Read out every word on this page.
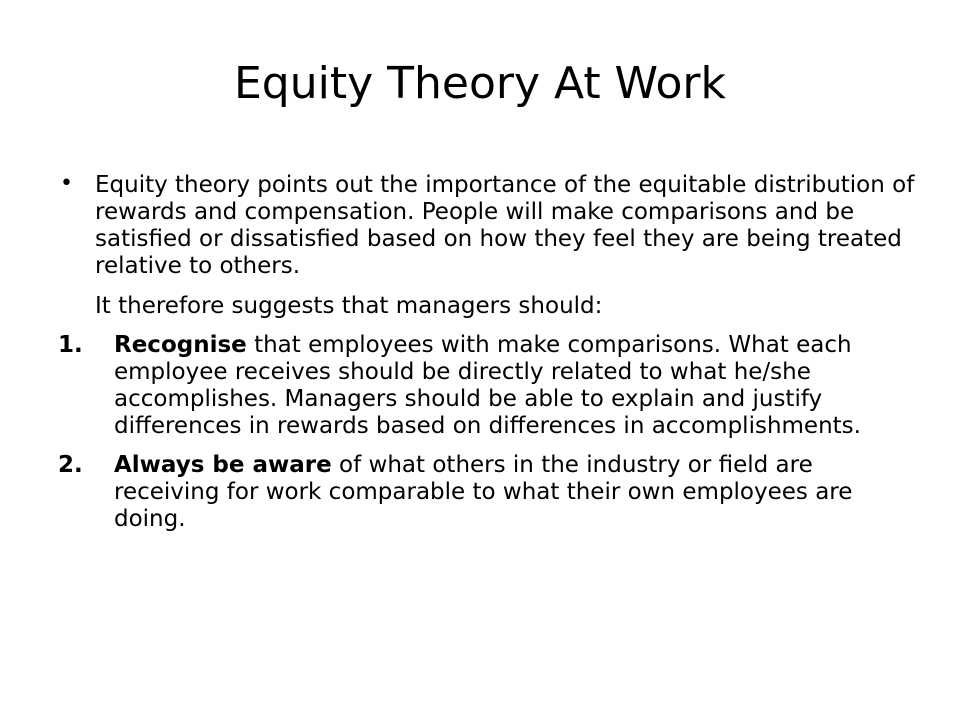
Equity Theory At Work
• Equity theory points out the importance of the equitable distribution of rewards and compensation. People will make comparisons and be satisfied or dissatisfied based on how they feel they are being treated relative to others.
It therefore suggests that managers should:
1.	Recognise that employees with make comparisons. What each employee receives should be directly related to what he/she accomplishes. Managers should be able to explain and justify differences in rewards based on differences in accomplishments.
2.	Always be aware of what others in the industry or field are receiving for work comparable to what their own employees are doing.
